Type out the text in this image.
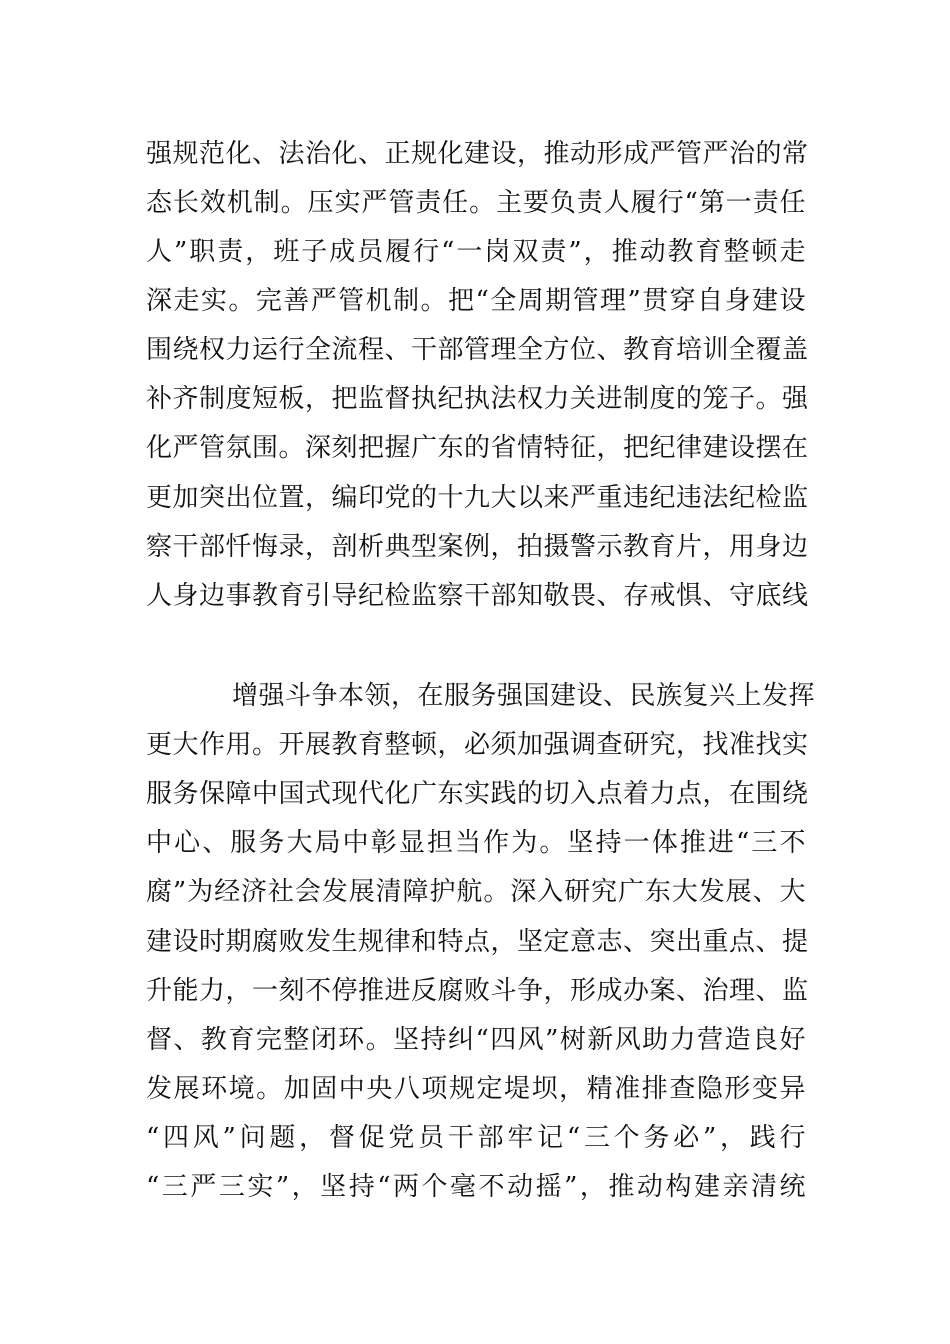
强规范化、法治化、正规化建设，推动形成严管严治的常
态长效机制。压实严管责任。主要负责人履行“第一责任
人”职责，班子成员履行“一岗双责”，推动教育整顿走
深走实。完善严管机制。把“全周期管理”贯穿自身建设
围绕权力运行全流程、干部管理全方位、教育培训全覆盖
补齐制度短板，把监督执纪执法权力关进制度的笼子。强
化严管氛围。深刻把握广东的省情特征，把纪律建设摆在
更加突出位置，编印党的十九大以来严重违纪违法纪检监
察干部忏悔录，剖析典型案例，拍摄警示教育片，用身边
人身边事教育引导纪检监察干部知敬畏、存戒惧、守底线
增强斗争本领，在服务强国建设、民族复兴上发挥
更大作用。开展教育整顿，必须加强调查研究，找准找实
服务保障中国式现代化广东实践的切入点着力点，在围绕
中心、服务大局中彰显担当作为。坚持一体推进“三不
腐”为经济社会发展清障护航。深入研究广东大发展、大
建设时期腐败发生规律和特点，坚定意志、突出重点、提
升能力，一刻不停推进反腐败斗争，形成办案、治理、监
督、教育完整闭环。坚持纠“四风”树新风助力营造良好
发展环境。加固中央八项规定堤坝，精准排查隐形变异
“四风”问题，督促党员干部牢记“三个务必”，践行
“三严三实”，坚持“两个毫不动摇”，推动构建亲清统
